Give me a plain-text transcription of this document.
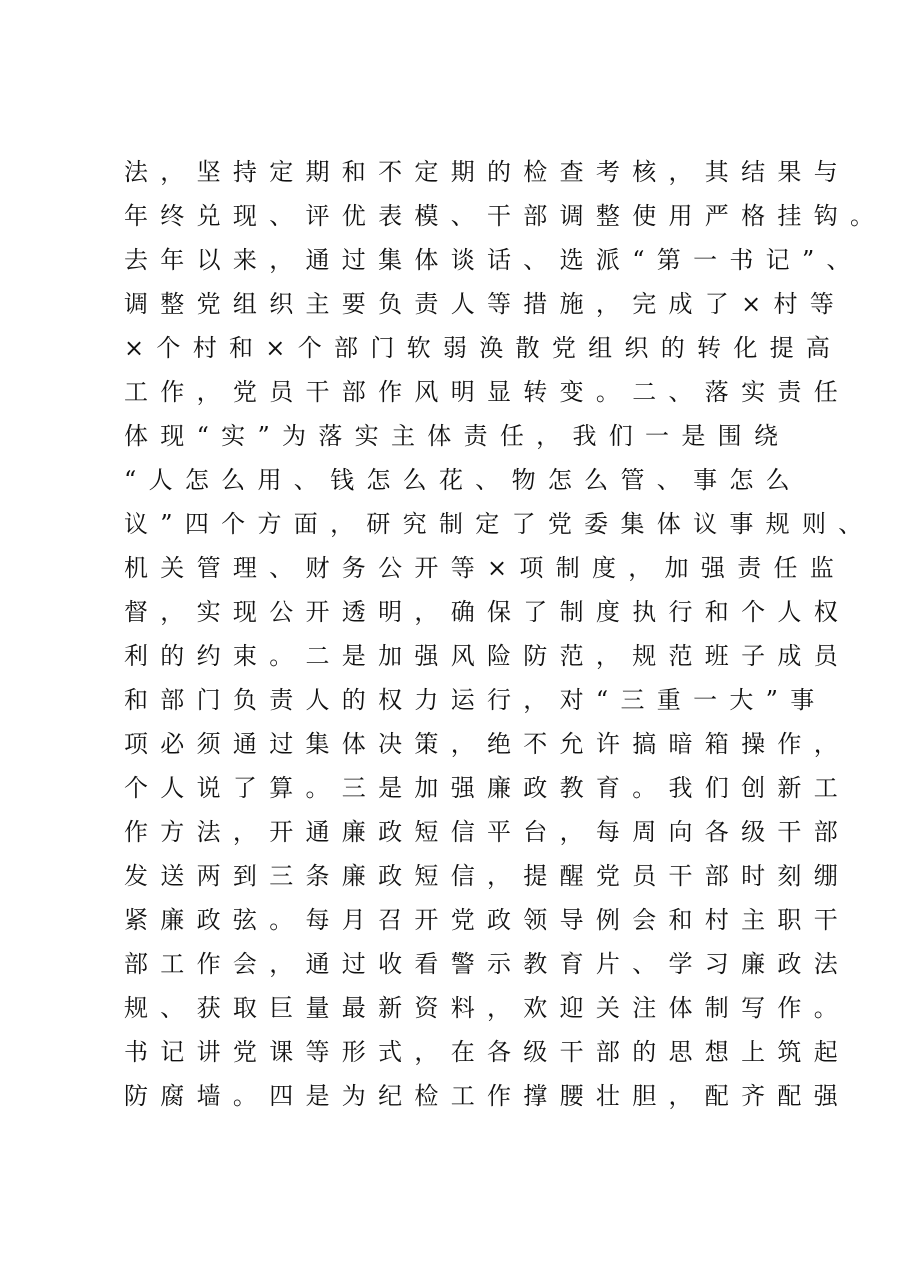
法，坚持定期和不定期的检查考核，其结果与
年终兑现、评优表模、干部调整使用严格挂钩。
去年以来，通过集体谈话、选派“第一书记”、
调整党组织主要负责人等措施，完成了×村等
×个村和×个部门软弱涣散党组织的转化提高
工作，党员干部作风明显转变。二、落实责任
体现“实”为落实主体责任，我们一是围绕
“人怎么用、钱怎么花、物怎么管、事怎么
议”四个方面，研究制定了党委集体议事规则、
机关管理、财务公开等×项制度，加强责任监
督，实现公开透明，确保了制度执行和个人权
利的约束。二是加强风险防范，规范班子成员
和部门负责人的权力运行，对“三重一大”事
项必须通过集体决策，绝不允许搞暗箱操作，
个人说了算。三是加强廉政教育。我们创新工
作方法，开通廉政短信平台，每周向各级干部
发送两到三条廉政短信，提醒党员干部时刻绷
紧廉政弦。每月召开党政领导例会和村主职干
部工作会，通过收看警示教育片、学习廉政法
规、获取巨量最新资料，欢迎关注体制写作。
书记讲党课等形式，在各级干部的思想上筑起
防腐墙。四是为纪检工作撑腰壮胆，配齐配强
